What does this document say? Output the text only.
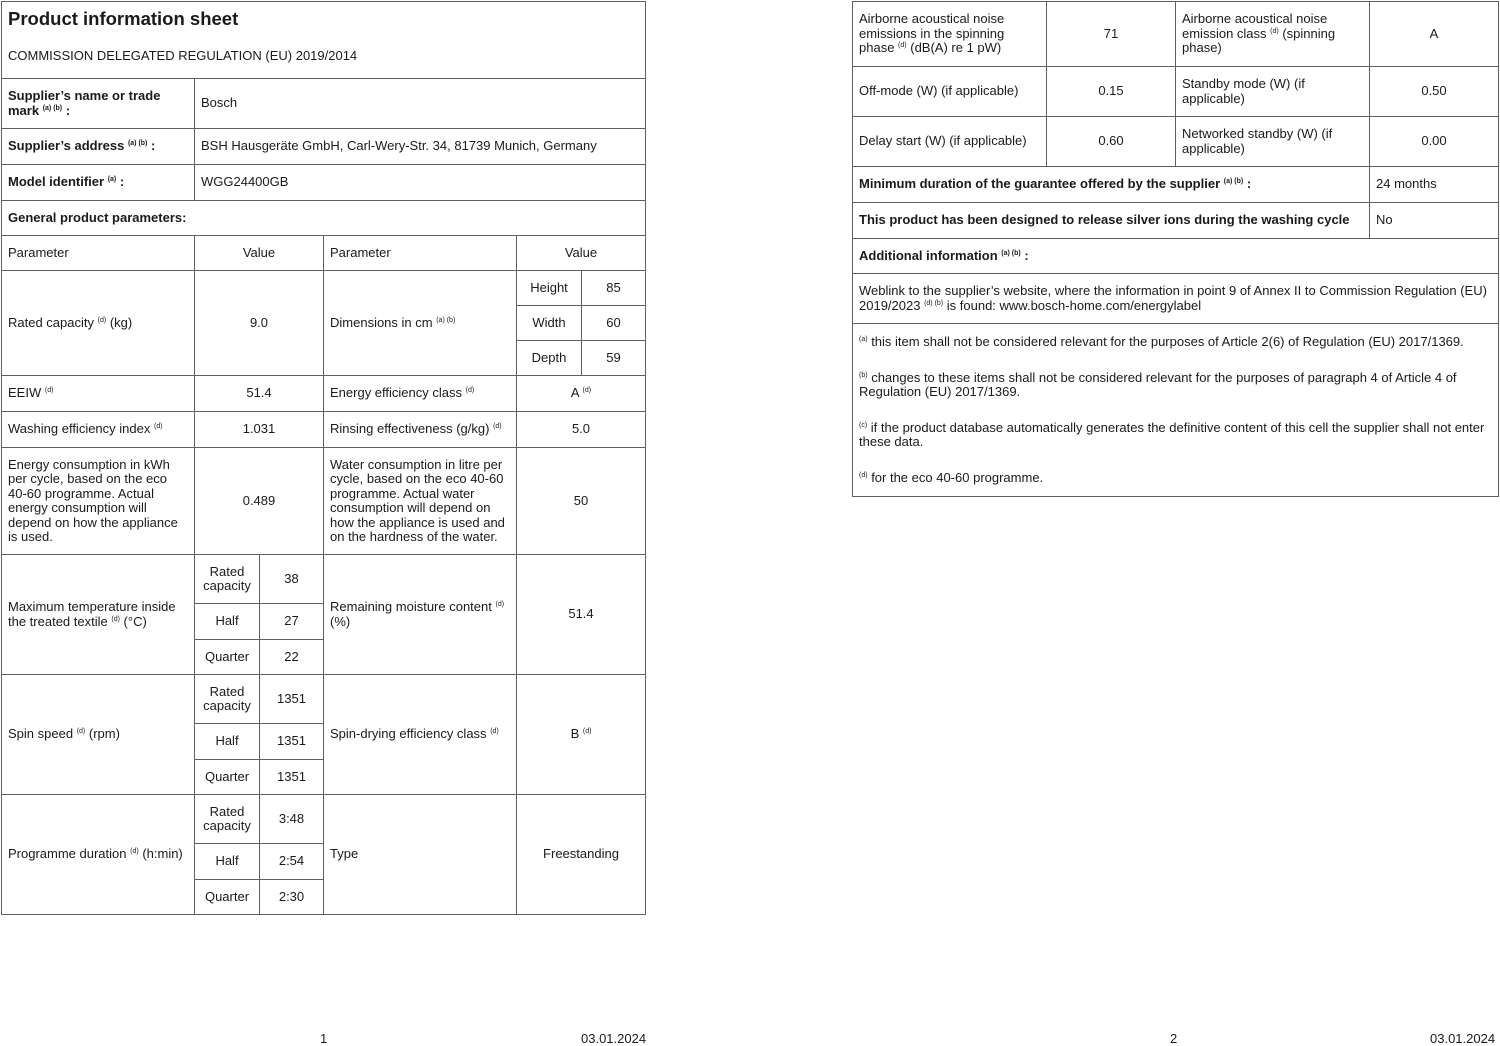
Product information sheet
COMMISSION DELEGATED REGULATION (EU) 2019/2014					

Supplier’s name or trade mark $^{(a) (b)}$ :	Bosch				
Supplier’s address $^{(a) (b)}$ :	BSH Hausgeräte GmbH, Carl-Wery-Str. 34, 81739 Munich, Germany				
Model identifier $^{(a)}$ :	WGG24400GB				
General product parameters:					
Parameter	Value		Parameter	Value	
Rated capacity $^{(d)}$ (kg)	9.0		Dimensions in cm $^{(a) (b)}$	Height	85
				Width	60
				Depth	59
EEIW $^{(d)}$	51.4		Energy efficiency class $^{(d)}$	A $^{(d)}$
Washing efficiency index $^{(d)}$	1.031		Rinsing effectiveness (g/kg) $^{(d)}$	5.0	
Energy consumption in kWh per cycle, based on the eco 40-60 programme. Actual energy consumption will depend on how the appliance is used.	0.489		Water consumption in litre per cycle, based on the eco 40-60 programme. Actual water consumption will depend on how the appliance is used and on the hardness of the water.	50	
Maximum temperature inside the treated textile $^{(d)}$ (°C)	Rated capacity	38	Remaining moisture content $^{(d)}$ (%)	51.4	
	Half	27			
	Quarter	22			
Spin speed $^{(d)}$ (rpm)	Rated capacity	1351	Spin-drying efficiency class $^{(d)}$	B $^{(d)}$
	Half	1351			
	Quarter	1351			
Programme duration $^{(d)}$ (h:min)	Rated capacity	3:48	Type	Freestanding	
	Half	2:54			
	Quarter	2:30			
1	03.01.2024
Airborne acoustical noise emissions in the spinning phase $^{(d)}$ (dB(A) re 1 pW)	71	Airborne acoustical noise emission class $^{(d)}$ (spinning phase)	A
Off-mode (W) (if applicable)	0.15	Standby mode (W) (if applicable)	0.50
Delay start (W) (if applicable)	0.60	Networked standby (W) (if applicable)	0.00
Minimum duration of the guarantee offered by the supplier $^{(a) (b)}$ :			24 months
This product has been designed to release silver ions during the washing cycle			No
Additional information $^{(a) (b)}$ :			
Weblink to the supplier’s website, where the information in point 9 of Annex II to Commission Regulation (EU) 2019/2023 $^{(d) (b)}$ is found: www.bosch-home.com/energylabel			

$^{(a)}$ this item shall not be considered relevant for the purposes of Article 2(6) of Regulation (EU) 2017/1369.
$^{(b)}$ changes to these items shall not be considered relevant for the purposes of paragraph 4 of Article 4 of Regulation (EU) 2017/1369.
$^{(c)}$ if the product database automatically generates the definitive content of this cell the supplier shall not enter these data.
$^{(d)}$ for the eco 40-60 programme.			
2	03.01.2024
